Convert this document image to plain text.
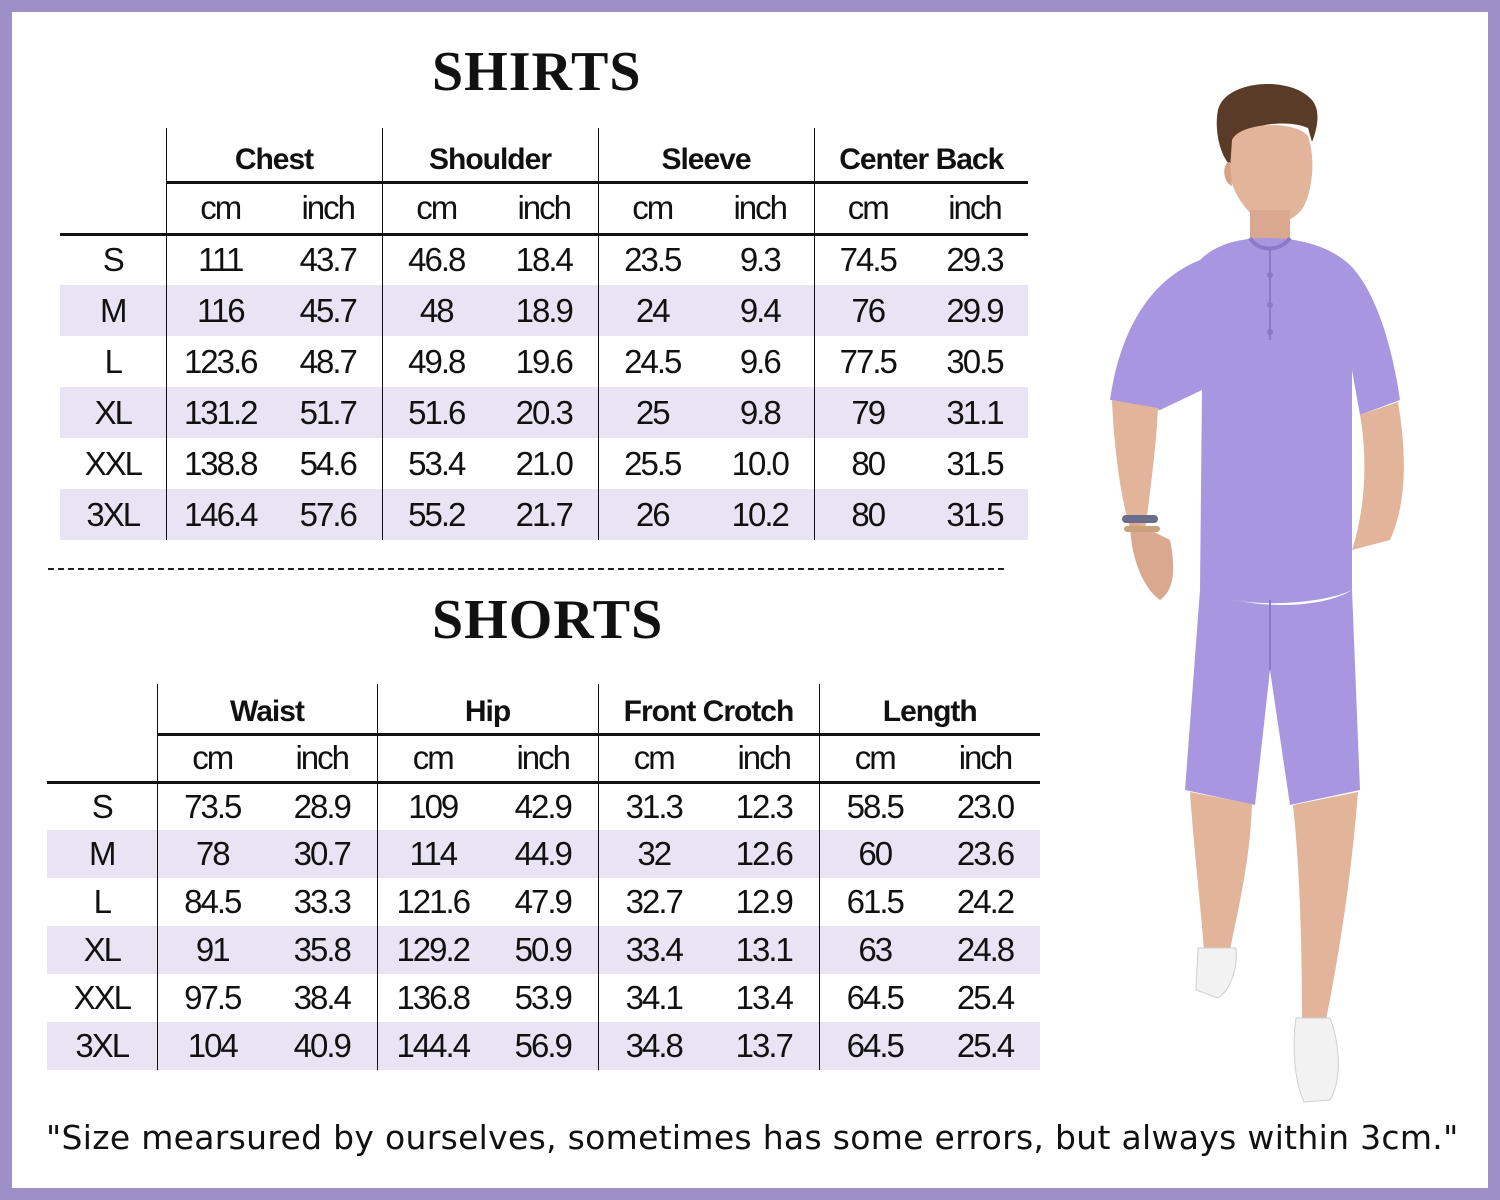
SHIRTS
	Chest		Shoulder		Sleeve		Center Back	
	cm	inch	cm	inch	cm	inch	cm	inch
S	111	43.7	46.8	18.4	23.5	9.3	74.5	29.3
M	116	45.7	48	18.9	24	9.4	76	29.9
L	123.6	48.7	49.8	19.6	24.5	9.6	77.5	30.5
XL	131.2	51.7	51.6	20.3	25	9.8	79	31.1
XXL	138.8	54.6	53.4	21.0	25.5	10.0	80	31.5
3XL	146.4	57.6	55.2	21.7	26	10.2	80	31.5
SHORTS
	Waist		Hip		Front Crotch		Length	
	cm	inch	cm	inch	cm	inch	cm	inch
S	73.5	28.9	109	42.9	31.3	12.3	58.5	23.0
M	78	30.7	114	44.9	32	12.6	60	23.6
L	84.5	33.3	121.6	47.9	32.7	12.9	61.5	24.2
XL	91	35.8	129.2	50.9	33.4	13.1	63	24.8
XXL	97.5	38.4	136.8	53.9	34.1	13.4	64.5	25.4
3XL	104	40.9	144.4	56.9	34.8	13.7	64.5	25.4
"Size mearsured by ourselves, sometimes has some errors, but always within 3cm."
